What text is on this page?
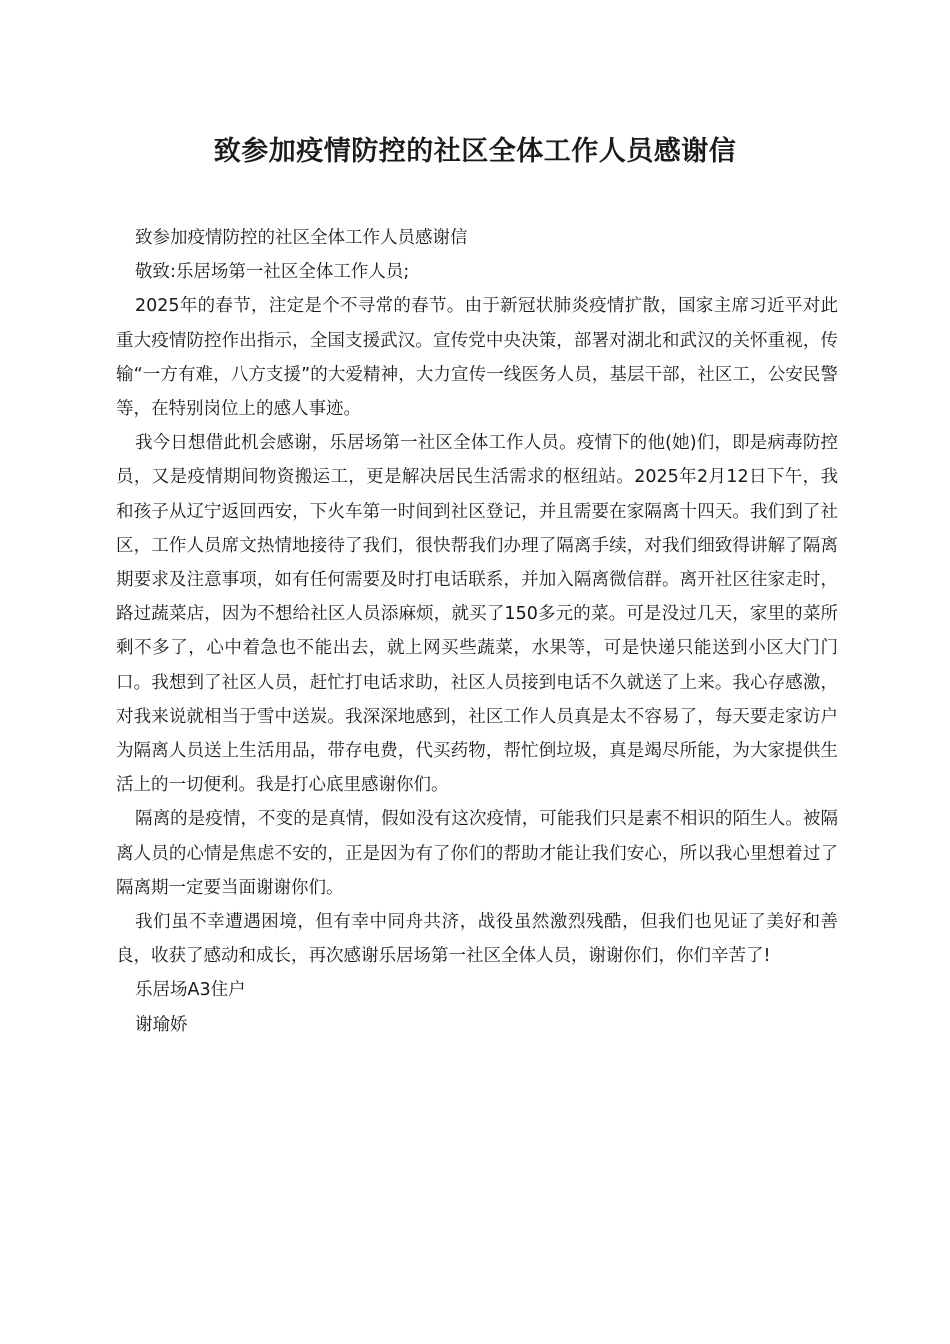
致参加疫情防控的社区全体工作人员感谢信

致参加疫情防控的社区全体工作人员感谢信

敬致:乐居场第一社区全体工作人员;

2025年的春节，注定是个不寻常的春节。由于新冠状肺炎疫情扩散，国家主席习近平对此重大疫情防控作出指示，全国支援武汉。宣传党中央决策，部署对湖北和武汉的关怀重视，传输“一方有难，八方支援”的大爱精神，大力宣传一线医务人员，基层干部，社区工，公安民警等，在特别岗位上的感人事迹。

我今日想借此机会感谢，乐居场第一社区全体工作人员。疫情下的他(她)们，即是病毒防控员，又是疫情期间物资搬运工，更是解决居民生活需求的枢纽站。2025年2月12日下午，我和孩子从辽宁返回西安，下火车第一时间到社区登记，并且需要在家隔离十四天。我们到了社区，工作人员席文热情地接待了我们，很快帮我们办理了隔离手续，对我们细致得讲解了隔离期要求及注意事项，如有任何需要及时打电话联系，并加入隔离微信群。离开社区往家走时，路过蔬菜店，因为不想给社区人员添麻烦，就买了150多元的菜。可是没过几天，家里的菜所剩不多了，心中着急也不能出去，就上网买些蔬菜，水果等，可是快递只能送到小区大门门口。我想到了社区人员，赶忙打电话求助，社区人员接到电话不久就送了上来。我心存感激，对我来说就相当于雪中送炭。我深深地感到，社区工作人员真是太不容易了，每天要走家访户为隔离人员送上生活用品，带存电费，代买药物，帮忙倒垃圾，真是竭尽所能，为大家提供生活上的一切便利。我是打心底里感谢你们。

隔离的是疫情，不变的是真情，假如没有这次疫情，可能我们只是素不相识的陌生人。被隔离人员的心情是焦虑不安的，正是因为有了你们的帮助才能让我们安心，所以我心里想着过了隔离期一定要当面谢谢你们。

我们虽不幸遭遇困境，但有幸中同舟共济，战役虽然激烈残酷，但我们也见证了美好和善良，收获了感动和成长，再次感谢乐居场第一社区全体人员，谢谢你们，你们辛苦了!

乐居场A3住户

谢瑜娇
